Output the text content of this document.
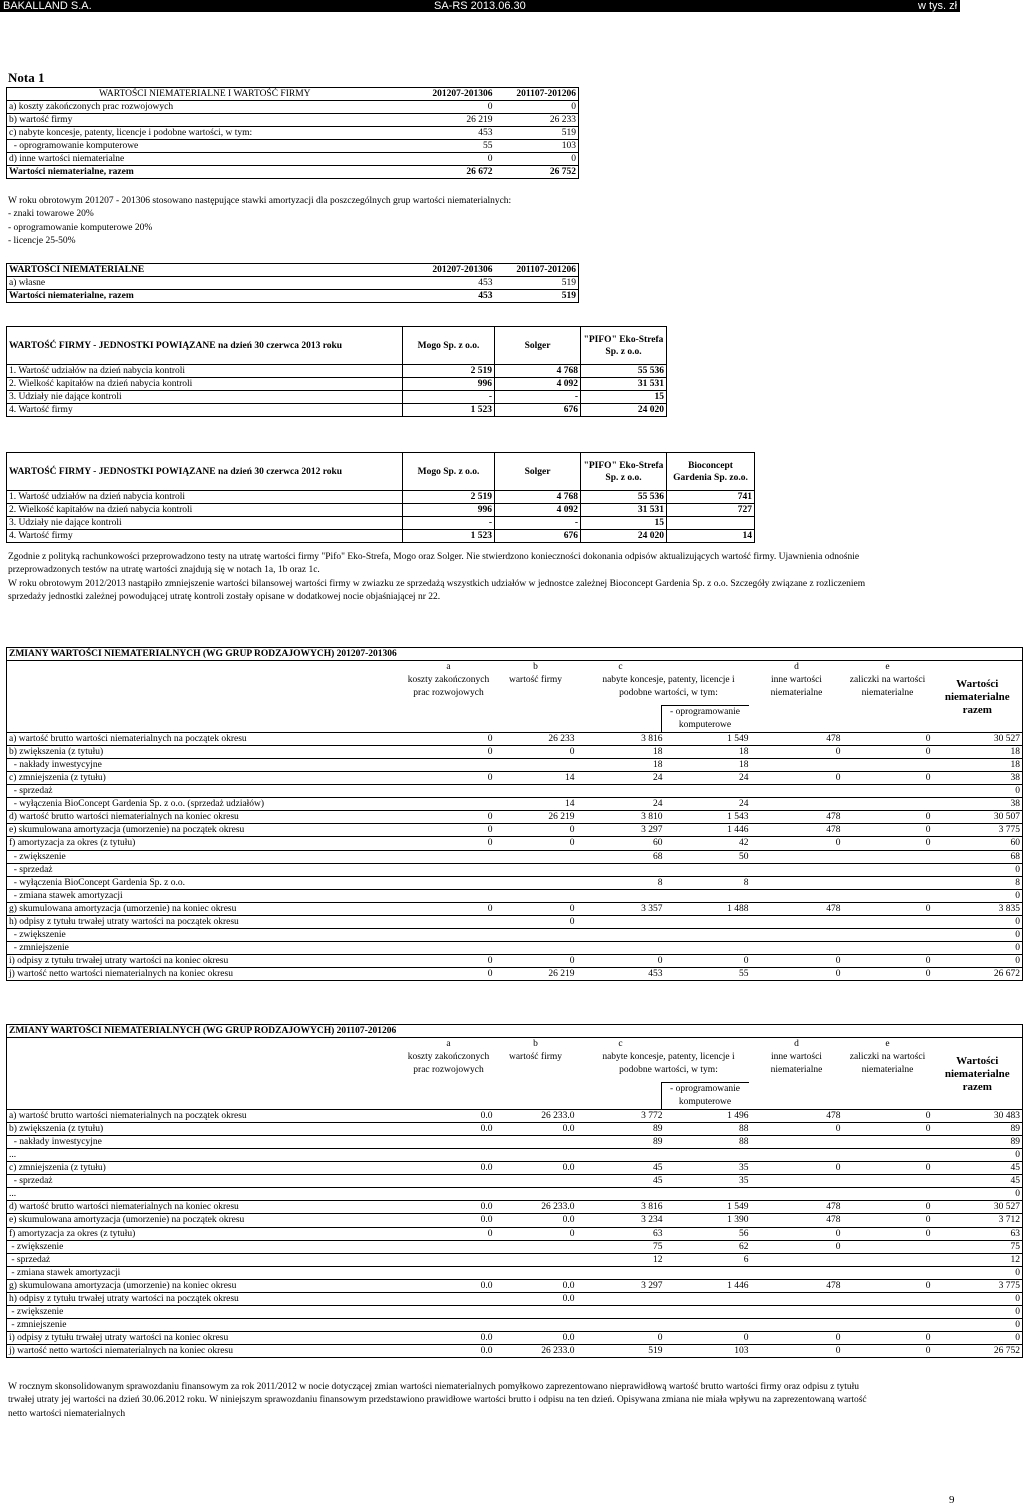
BAKALLAND S.A.	SA-RS 2013.06.30	w tys. zł
Nota 1
WARTOŚCI NIEMATERIALNE I WARTOŚĆ FIRMY	201207-201306	201107-201206
a) koszty zakończonych prac rozwojowych	0	0
b) wartość firmy	26 219	26 233
c) nabyte koncesje, patenty, licencje i podobne wartości, w tym:	453	519
- oprogramowanie komputerowe	55	103
d) inne wartości niematerialne	0	0
Wartości niematerialne, razem	26 672	26 752
W roku obrotowym 201207 - 201306 stosowano następujące stawki amortyzacji dla poszczególnych grup wartości niematerialnych:
- znaki towarowe 20%
- oprogramowanie komputerowe 20%
- licencje 25-50%
WARTOŚCI NIEMATERIALNE	201207-201306	201107-201206
a) własne	453	519
Wartości niematerialne, razem	453	519
WARTOŚĆ FIRMY - JEDNOSTKI POWIĄZANE na dzień 30 czerwca 2013 roku	Mogo Sp. z o.o.	Solger	"PIFO" Eko-Strefa Sp. z o.o.
1. Wartość udziałów na dzień nabycia kontroli	2 519	4 768	55 536
2. Wielkość kapitałów na dzień nabycia kontroli	996	4 092	31 531
3. Udziały nie dające kontroli	-	-	15
4. Wartość firmy	1 523	676	24 020
WARTOŚĆ FIRMY - JEDNOSTKI POWIĄZANE na dzień 30 czerwca 2012 roku	Mogo Sp. z o.o.	Solger	"PIFO" Eko-Strefa Sp. z o.o.	Bioconcept Gardenia Sp. zo.o.
1. Wartość udziałów na dzień nabycia kontroli	2 519	4 768	55 536	741
2. Wielkość kapitałów na dzień nabycia kontroli	996	4 092	31 531	727
3. Udziały nie dające kontroli	-	-	15	
4. Wartość firmy	1 523	676	24 020	14
Zgodnie z polityką rachunkowości przeprowadzono testy na utratę wartości firmy "Pifo" Eko-Strefa, Mogo oraz Solger. Nie stwierdzono konieczności dokonania odpisów aktualizujących wartość firmy. Ujawnienia odnośnie
przeprowadzonych testów na utratę wartości znajdują się w notach 1a, 1b oraz 1c.
W roku obrotowym 2012/2013 nastąpiło zmniejszenie wartości bilansowej wartości firmy w zwiazku ze sprzedażą wszystkich udziałów w jednostce zależnej Bioconcept Gardenia Sp. z o.o. Szczegóły związane z rozliczeniem
sprzedaży jednostki zależnej powodującej utratę kontroli zostały opisane w dodatkowej nocie objaśniającej nr 22.
ZMIANY WARTOŚCI NIEMATERIALNYCH (WG GRUP RODZAJOWYCH) 201207-201306							
	a	b	c		d	e	
	koszty zakończonych prac rozwojowych	wartość firmy	nabyte koncesje, patenty, licencje i podobne wartości, w tym:
- oprogramowanie komputerowe		inne wartości niematerialne	zaliczki na wartości niematerialne	Wartości niematerialne razem
a) wartość brutto wartości niematerialnych na początek okresu	0	26 233	3 816	1 549	478	0	30 527
b) zwiększenia (z tytułu)	0	0	18	18	0	0	18
- nakłady inwestycyjne			18	18			18
c) zmniejszenia (z tytułu)	0	14	24	24	0	0	38
- sprzedaż							0
- wyłączenia BioConcept Gardenia Sp. z o.o. (sprzedaż udziałów)		14	24	24			38
d) wartość brutto wartości niematerialnych na koniec okresu	0	26 219	3 810	1 543	478	0	30 507
e) skumulowana amortyzacja (umorzenie) na początek okresu	0	0	3 297	1 446	478	0	3 775
f) amortyzacja za okres (z tytułu)	0	0	60	42	0	0	60
- zwiększenie			68	50			68
- sprzedaż							0
- wyłączenia BioConcept Gardenia Sp. z o.o.			8	8			8
- zmiana stawek amortyzacji							0
g) skumulowana amortyzacja (umorzenie) na koniec okresu	0	0	3 357	1 488	478	0	3 835
h) odpisy z tytułu trwałej utraty wartości na początek okresu		0					0
- zwiększenie							0
- zmniejszenie							0
i) odpisy z tytułu trwałej utraty wartości na koniec okresu	0	0	0	0	0	0	0
j) wartość netto wartości niematerialnych na koniec okresu	0	26 219	453	55	0	0	26 672
ZMIANY WARTOŚCI NIEMATERIALNYCH (WG GRUP RODZAJOWYCH) 201107-201206							
	a	b	c		d	e	
	koszty zakończonych prac rozwojowych	wartość firmy	nabyte koncesje, patenty, licencje i podobne wartości, w tym:
- oprogramowanie komputerowe		inne wartości niematerialne	zaliczki na wartości niematerialne	Wartości niematerialne razem
a) wartość brutto wartości niematerialnych na początek okresu	0.0	26 233.0	3 772	1 496	478	0	30 483
b) zwiększenia (z tytułu)	0.0	0.0	89	88	0	0	89
- nakłady inwestycyjne			89	88			89
...							0
c) zmniejszenia (z tytułu)	0.0	0.0	45	35	0	0	45
- sprzedaż			45	35			45
...							0
d) wartość brutto wartości niematerialnych na koniec okresu	0.0	26 233.0	3 816	1 549	478	0	30 527
e) skumulowana amortyzacja (umorzenie) na początek okresu	0.0	0.0	3 234	1 390	478	0	3 712
f) amortyzacja za okres (z tytułu)	0	0	63	56	0	0	63
- zwiększenie			75	62	0		75
- sprzedaż			12	6			12
- zmiana stawek amortyzacji							0
g) skumulowana amortyzacja (umorzenie) na koniec okresu	0.0	0.0	3 297	1 446	478	0	3 775
h) odpisy z tytułu trwałej utraty wartości na początek okresu		0.0					0
- zwiększenie							0
- zmniejszenie							0
i) odpisy z tytułu trwałej utraty wartości na koniec okresu	0.0	0.0	0	0	0	0	0
j) wartość netto wartości niematerialnych na koniec okresu	0.0	26 233.0	519	103	0	0	26 752
W rocznym skonsolidowanym sprawozdaniu finansowym za rok 2011/2012 w nocie dotyczącej zmian wartości niematerialnych pomyłkowo zaprezentowano nieprawidłową wartość brutto wartości firmy oraz odpisu z tytułu
trwałej utraty jej wartości na dzień 30.06.2012 roku. W niniejszym sprawozdaniu finansowym przedstawiono prawidłowe wartości brutto i odpisu na ten dzień. Opisywana zmiana nie miała wpływu na zaprezentowaną wartość
netto wartości niematerialnych
9
